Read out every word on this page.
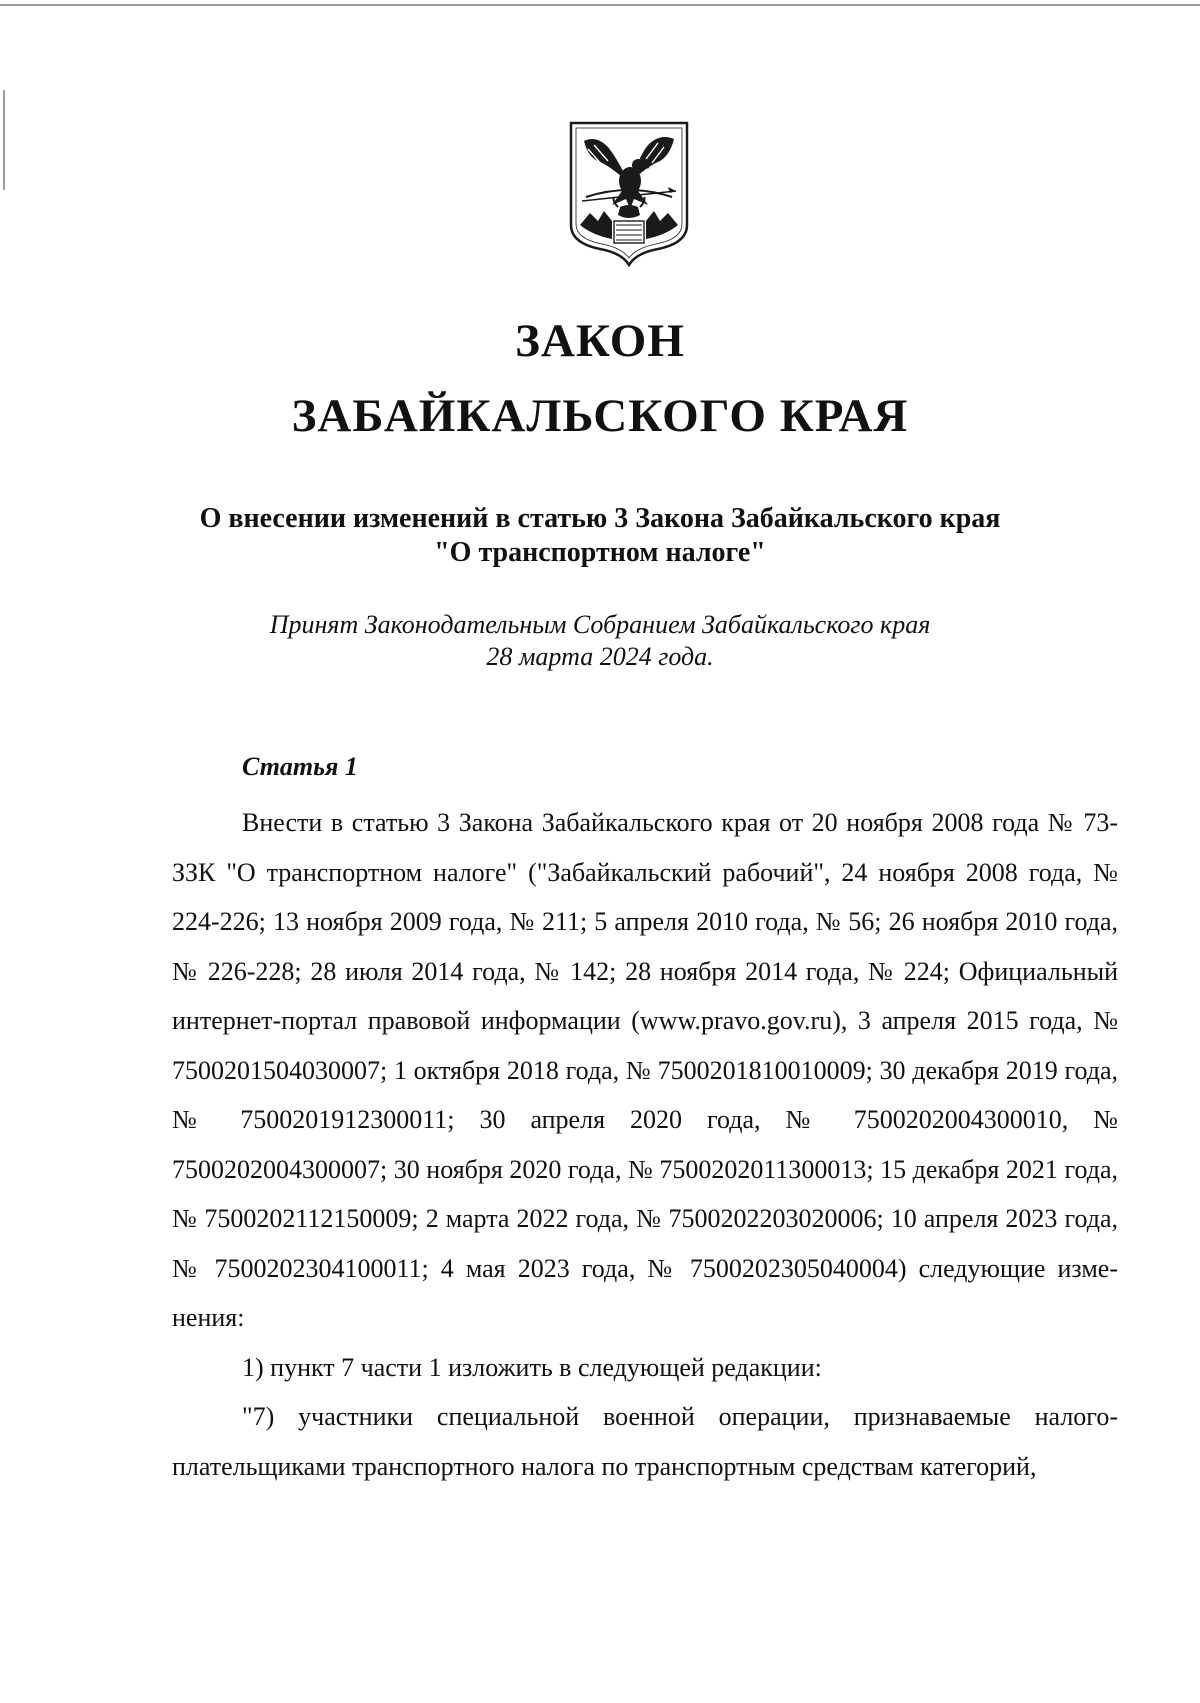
ЗАКОН
ЗАБАЙКАЛЬСКОГО КРАЯ
О внесении изменений в статью 3 Закона Забайкальского края
"О транспортном налоге"
Принят Законодательным Собранием Забайкальского края
28 марта 2024 года.
Статья 1

Внести в статью 3 Закона Забайкальского края от 20 ноября 2008 года № 73-ЗЗК "О транспортном налоге" ("Забайкальский рабочий", 24 ноября 2008 года, № 224-226; 13 ноября 2009 года, № 211; 5 апреля 2010 года, № 56; 26 ноября 2010 года, № 226-228; 28 июля 2014 года, № 142; 28 ноября 2014 года, № 224; Официальный интернет-портал правовой информации (www.pravo.gov.ru), 3 апреля 2015 года, № 7500201504030007; 1 октября 2018 года, № 7500201810010009; 30 декабря 2019 года, № 7500201912300011; 30 апреля 2020 года, № 7500202004300010, № 7500202004300007; 30 ноября 2020 года, № 7500202011300013; 15 декабря 2021 года, № 7500202112150009; 2 марта 2022 года, № 7500202203020006; 10 апреля 2023 года, № 7500202304100011; 4 мая 2023 года, № 7500202305040004) следующие изменения:

1) пункт 7 части 1 изложить в следующей редакции:

"7) участники специальной военной операции, признаваемые налогоплательщиками транспортного налога по транспортным средствам категорий,
